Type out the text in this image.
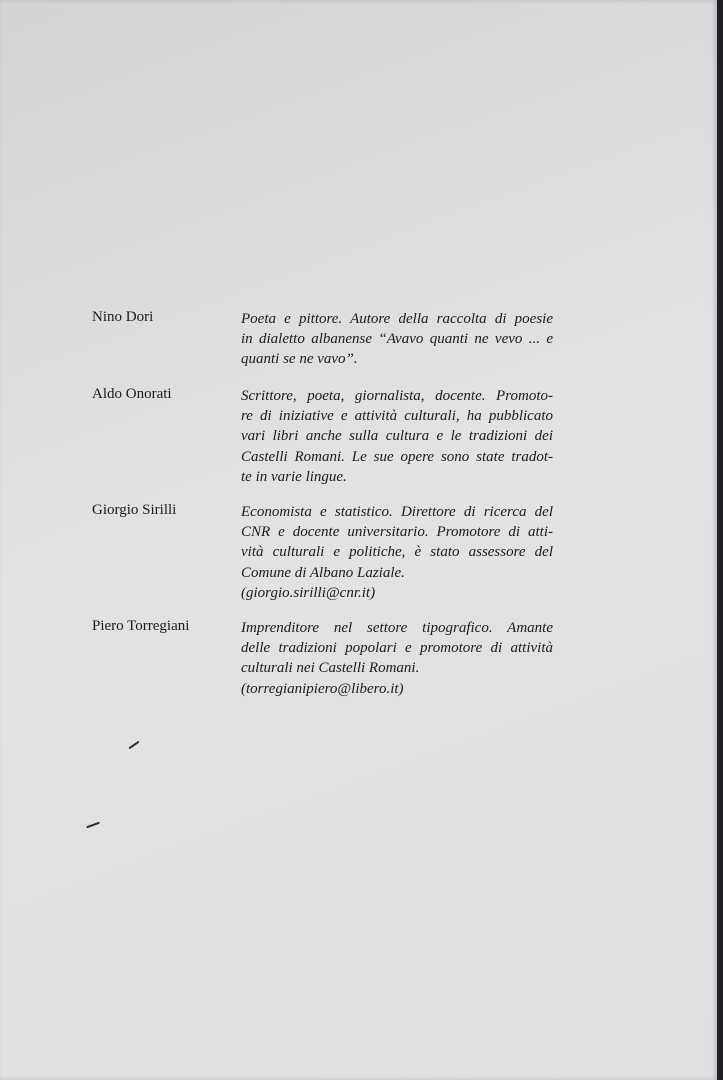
Nino Dori	Poeta e pittore. Autore della raccolta di poesie
in dialetto albanense “Avavo quanti ne vevo ... e
quanti se ne vavo”.
Aldo Onorati	Scrittore, poeta, giornalista, docente. Promoto-
re di iniziative e attività culturali, ha pubblicato
vari libri anche sulla cultura e le tradizioni dei
Castelli Romani. Le sue opere sono state tradot-
te in varie lingue.
Giorgio Sirilli	Economista e statistico. Direttore di ricerca del
CNR e docente universitario. Promotore di atti-
vità culturali e politiche, è stato assessore del
Comune di Albano Laziale.
(giorgio.sirilli@cnr.it)
Piero Torregiani	Imprenditore nel settore tipografico. Amante
delle tradizioni popolari e promotore di attività
culturali nei Castelli Romani.
(torregianipiero@libero.it)
